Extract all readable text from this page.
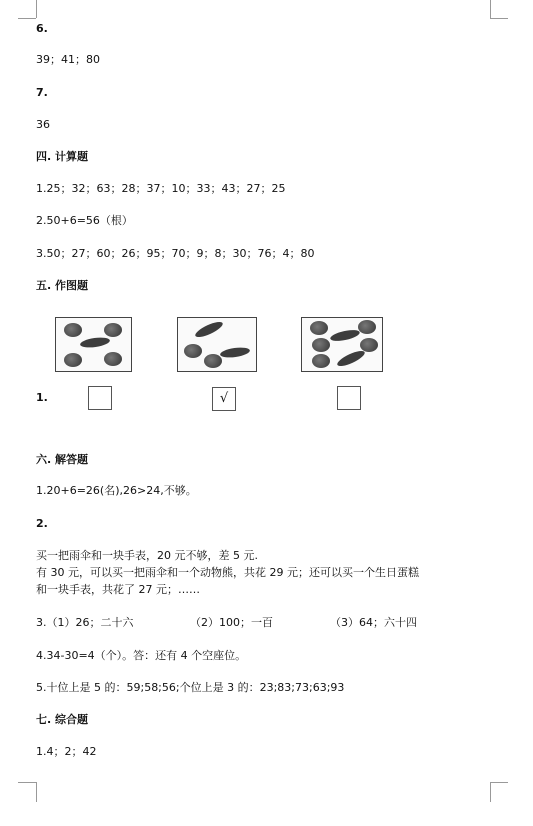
6.
39；41；80
7.
36
四. 计算题
1.25；32；63；28；37；10；33；43；27；25
2.50+6=56（根）
3.50；27；60；26；95；70；9；8；30；76；4；80
五. 作图题
1.	√
六. 解答题
1.20+6=26(名),26>24,不够。
2.
买一把雨伞和一块手表，20 元不够，差 5 元.
有 30 元，可以买一把雨伞和一个动物熊，共花 29 元；还可以买一个生日蛋糕
和一块手表，共花了 27 元；……
3.（1）26；二十六	（2）100；一百	（3）64；六十四
4.34-30=4（个）。答：还有 4 个空座位。
5.十位上是 5 的：59;58;56;个位上是 3 的：23;83;73;63;93
七. 综合题
1.4；2；42
